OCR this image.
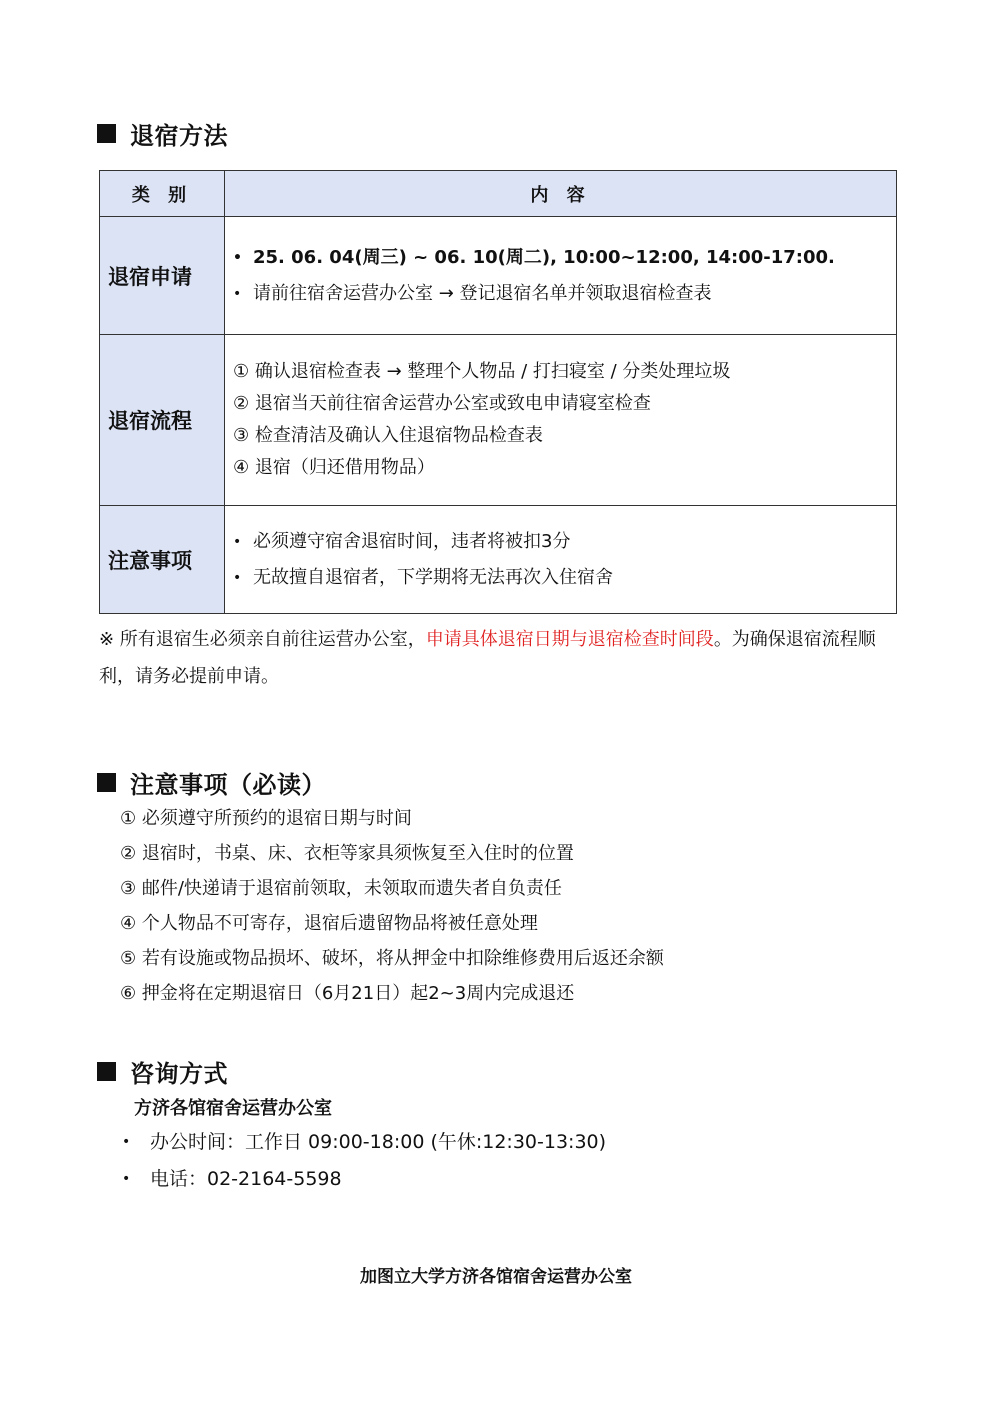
退宿方法
类 别	内 容
退宿申请	• 25. 06. 04(周三) ~ 06. 10(周二), 10:00~12:00, 14:00-17:00.
• 请前往宿舍运营办公室 → 登记退宿名单并领取退宿检查表

退宿流程	① 确认退宿检查表 → 整理个人物品 / 打扫寝室 / 分类处理垃圾
② 退宿当天前往宿舍运营办公室或致电申请寝室检查
③ 检查清洁及确认入住退宿物品检查表
④ 退宿（归还借用物品）

注意事项	• 必须遵守宿舍退宿时间，违者将被扣3分
• 无故擅自退宿者，下学期将无法再次入住宿舍
※ 所有退宿生必须亲自前往运营办公室，申请具体退宿日期与退宿检查时间段。为确保退宿流程顺利，请务必提前申请。
注意事项（必读）
① 必须遵守所预约的退宿日期与时间
② 退宿时，书桌、床、衣柜等家具须恢复至入住时的位置
③ 邮件/快递请于退宿前领取，未领取而遗失者自负责任
④ 个人物品不可寄存，退宿后遗留物品将被任意处理
⑤ 若有设施或物品损坏、破坏，将从押金中扣除维修费用后返还余额
⑥ 押金将在定期退宿日（6月21日）起2~3周内完成退还
咨询方式
方济各馆宿舍运营办公室
•	办公时间：工作日 09:00-18:00 (午休:12:30-13:30)
•	电话：02-2164-5598
加图立大学方济各馆宿舍运营办公室
